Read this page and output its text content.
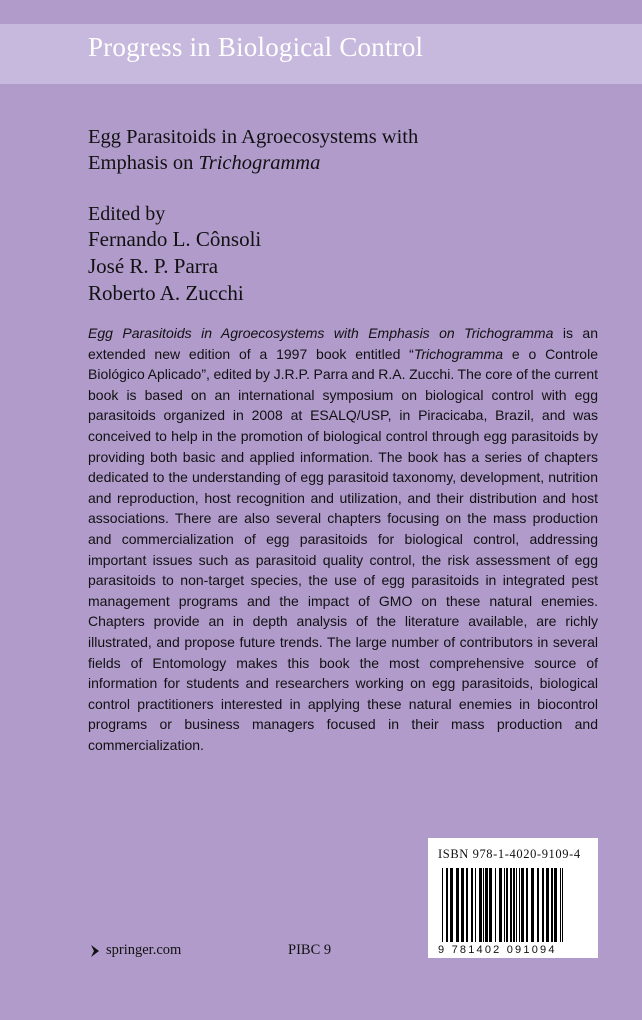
Progress in Biological Control
Egg Parasitoids in Agroecosystems with
Emphasis on Trichogramma
Edited by
Fernando L. Cônsoli
José R. P. Parra
Roberto A. Zucchi

Egg Parasitoids in Agroecosystems with Emphasis on Trichogramma is an extended new edition of a 1997 book entitled “Trichogramma e o Controle Biológico Aplicado”, edited by J.R.P. Parra and R.A. Zucchi. The core of the current book is based on an international symposium on biological control with egg parasitoids organized in 2008 at ESALQ/USP, in Piracicaba, Brazil, and was conceived to help in the promotion of biological control through egg parasitoids by providing both basic and applied information. The book has a series of chapters dedicated to the understanding of egg parasitoid taxonomy, development, nutrition and reproduction, host recognition and utilization, and their distribution and host associations. There are also several chapters focusing on the mass production and commercialization of egg parasitoids for biological control, addressing important issues such as parasitoid quality control, the risk assessment of egg parasitoids to non-target species, the use of egg parasitoids in integrated pest management programs and the impact of GMO on these natural enemies. Chapters provide an in depth analysis of the literature available, are richly illustrated, and propose future trends. The large number of contributors in several fields of Entomology makes this book the most comprehensive source of information for students and researchers working on egg parasitoids, biological control practitioners interested in applying these natural enemies in biocontrol programs or business managers focused in their mass production and commercialization.

ISBN 978-1-4020-9109-4
9 781402 091094
springer.com	PIBC 9
